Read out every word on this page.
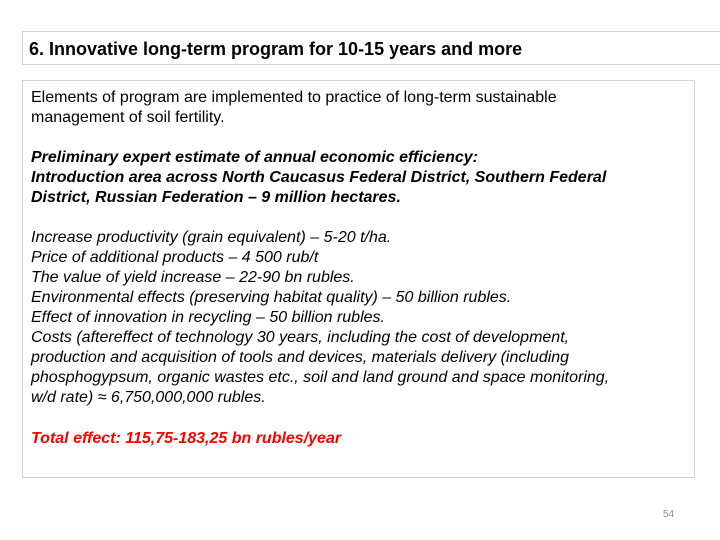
6. Innovative long-term program for 10-15 years and more

Elements of program are implemented to practice of long-term sustainable
management of soil fertility.

Preliminary expert estimate of annual economic efficiency:
Introduction area across North Caucasus Federal District, Southern Federal
District, Russian Federation – 9 million hectares.

Increase productivity (grain equivalent) – 5-20 t/ha.
Price of additional products – 4 500 rub/t
The value of yield increase – 22-90 bn rubles.
Environmental effects (preserving habitat quality) – 50 billion rubles.
Effect of innovation in recycling – 50 billion rubles.
Costs (aftereffect of technology 30 years, including the cost of development,
production and acquisition of tools and devices, materials delivery (including
phosphogypsum, organic wastes etc., soil and land ground and space monitoring,
w/d rate) ≈ 6,750,000,000 rubles.

Total effect: 115,75-183,25 bn rubles/year

54
